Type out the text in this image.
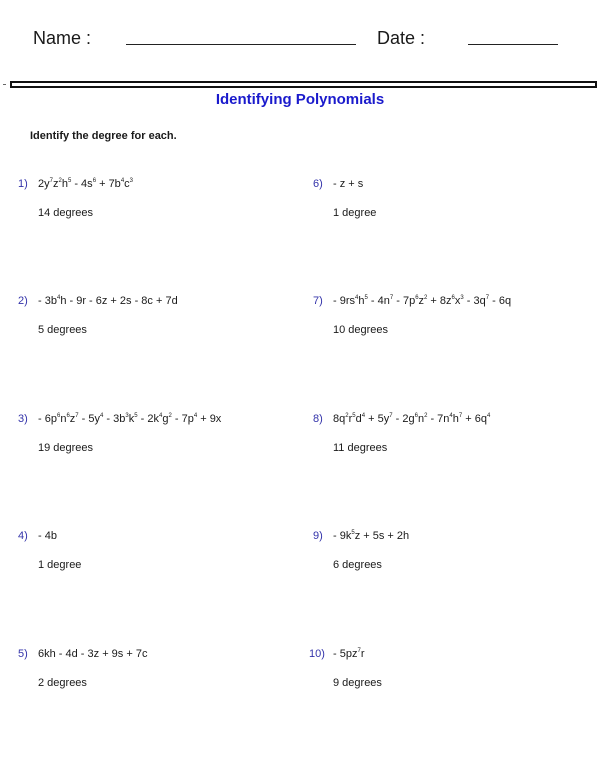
Name :	Date :
Identifying Polynomials
Identify the degree for each.
1) $2y^7z^2h^5 - 4s^6 + 7b^4c^3$
14 degrees
$2) - 3b^4h - 9r - 6z + 2s - 8c + 7d$
5 degrees
$3) - 6p^6n^6z^7 - 5y^4 - 3b^3k^5 - 2k^4g^2 - 7p^4 + 9x$
19 degrees
4) - 4b
1 degree
5) 6kh - 4d - 3z + 9s + 7c
2 degrees
6) - z + s
1 degree
$7) - 9rs^4h^5 - 4n^7 - 7p^6z^2 + 8z^6x^3 - 3q^7 - 6q$
10 degrees
8) $8q^2r^5d^4 + 5y^7 - 2g^6n^2 - 7n^4h^7 + 6q^4$
11 degrees
$9) - 9k^5z + 5s + 2h$
6 degrees
$10) - 5pz^7r$
9 degrees
